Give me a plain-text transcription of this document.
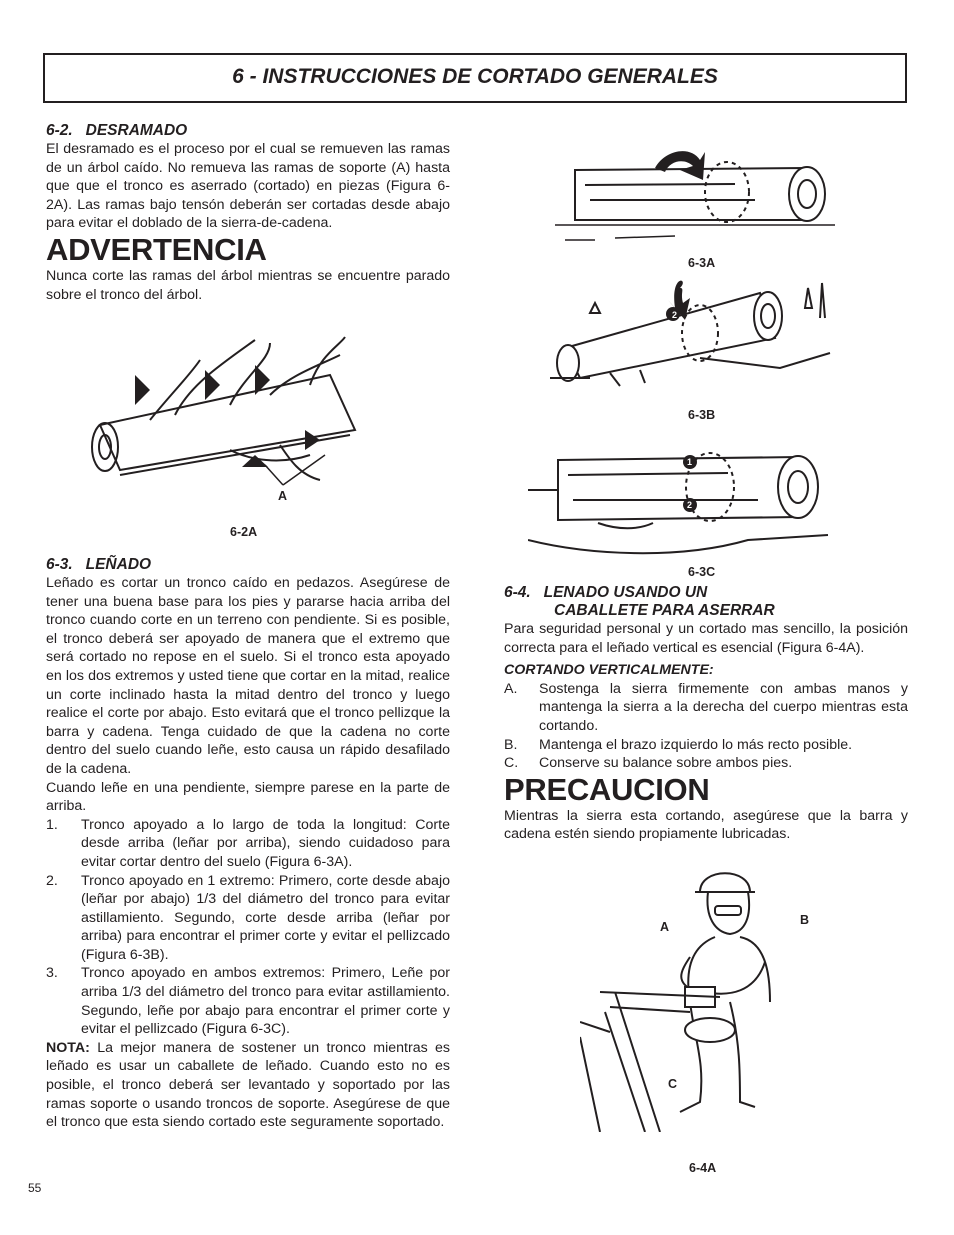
6 - INSTRUCCIONES DE CORTADO GENERALES
6-2.   DESRAMADO

El desramado es el proceso por el cual se remueven las ramas de un árbol caído. No remueva las ramas de soporte (A) hasta que que el tronco es aserrado (cortado) en piezas (Figura 6-2A). Las ramas bajo tensón deberán ser cortadas desde abajo para evitar el doblado de la sierra-de-cadena.

ADVERTENCIA

Nunca corte las ramas del árbol mientras se encuentre parado sobre el tronco del árbol.

A
6-2A
6-3.   LEÑADO

Leñado es cortar un tronco caído en pedazos. Asegúrese de tener una buena base para los pies y pararse hacia arriba del tronco cuando corte en un terreno con pendiente. Si es posible, el tronco deberá ser apoyado de manera que el extremo que será cortado no repose en el suelo. Si el tronco esta apoyado en los dos extremos y usted tiene que cortar en la mitad, realice un corte inclinado hasta la mitad dentro del tronco y luego realice el corte por abajo. Esto evitará que el tronco pellizque la barra y cadena. Tenga cuidado de que la cadena no corte dentro del suelo cuando leñe, esto causa un rápido desafilado de la cadena.

Cuando leñe en una pendiente, siempre parese en la parte de arriba.

1. Tronco apoyado a lo largo de toda la longitud: Corte desde arriba (leñar por arriba), siendo cuidadoso para evitar cortar dentro del suelo (Figura 6-3A).
2. Tronco apoyado en 1 extremo: Primero, corte desde abajo (leñar por abajo) 1/3 del diámetro del tronco para evitar astillamiento. Segundo, corte desde arriba (leñar por arriba) para encontrar el primer corte y evitar el pellizcado (Figura 6-3B).
3. Tronco apoyado en ambos extremos: Primero, Leñe por arriba 1/3 del diámetro del tronco para evitar astillamiento. Segundo, leñe por abajo para encontrar el primer corte y evitar el pellizcado (Figura 6-3C).

NOTA: La mejor manera de sostener un tronco mientras es leñado es usar un caballete de leñado. Cuando esto no es posible, el tronco deberá ser levantado y soportado por las ramas soporte o usando troncos de soporte. Asegúrese de que el tronco que esta siendo cortado este seguramente soportado.

6-3A
2
6-3B
1
2
6-3C
6-4.   LENADO USANDO UN
CABALLETE PARA ASERRAR

Para seguridad personal y un cortado mas sencillo, la posición correcta para el leñado vertical es esencial (Figura 6-4A).

CORTANDO VERTICALMENTE:
A. Sostenga la sierra firmemente con ambas manos y mantenga la sierra a la derecha del cuerpo mientras esta cortando.
B. Mantenga el brazo izquierdo lo más recto posible.
C. Conserve su balance sobre ambos pies.
PRECAUCION

Mientras la sierra esta cortando, asegúrese que la barra y cadena estén siendo propiamente lubricadas.

A	B
C
6-4A
55
